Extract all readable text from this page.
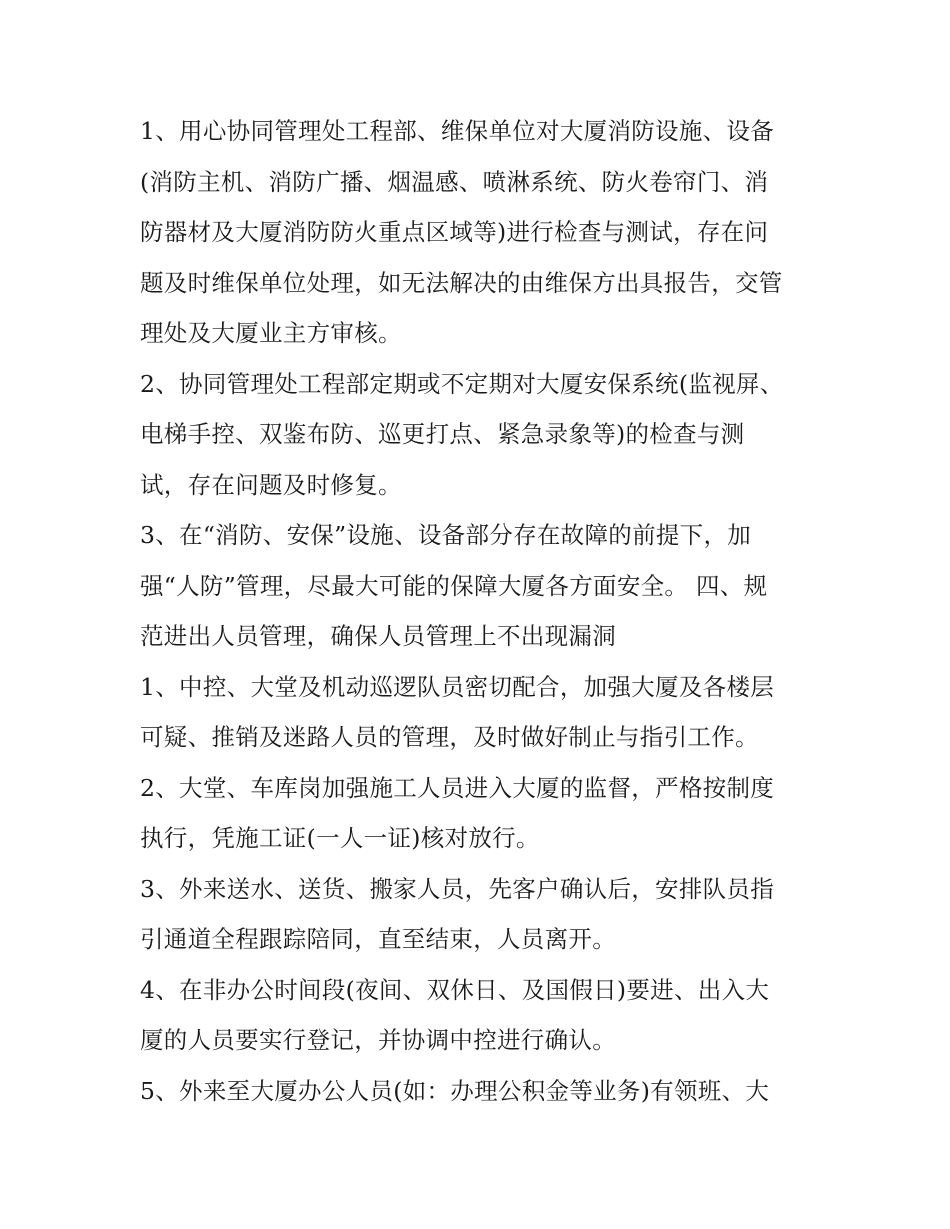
1、用心协同管理处工程部、维保单位对大厦消防设施、设备
(消防主机、消防广播、烟温感、喷淋系统、防火卷帘门、消
防器材及大厦消防防火重点区域等)进行检查与测试，存在问
题及时维保单位处理，如无法解决的由维保方出具报告，交管
理处及大厦业主方审核。
2、协同管理处工程部定期或不定期对大厦安保系统(监视屏、
电梯手控、双鉴布防、巡更打点、紧急录象等)的检查与测
试，存在问题及时修复。
3、在“消防、安保”设施、设备部分存在故障的前提下，加
强“人防”管理，尽最大可能的保障大厦各方面安全。 四、规
范进出人员管理，确保人员管理上不出现漏洞
1、中控、大堂及机动巡逻队员密切配合，加强大厦及各楼层
可疑、推销及迷路人员的管理，及时做好制止与指引工作。
2、大堂、车库岗加强施工人员进入大厦的监督，严格按制度
执行，凭施工证(一人一证)核对放行。
3、外来送水、送货、搬家人员，先客户确认后，安排队员指
引通道全程跟踪陪同，直至结束，人员离开。
4、在非办公时间段(夜间、双休日、及国假日)要进、出入大
厦的人员要实行登记，并协调中控进行确认。
5、外来至大厦办公人员(如：办理公积金等业务)有领班、大
